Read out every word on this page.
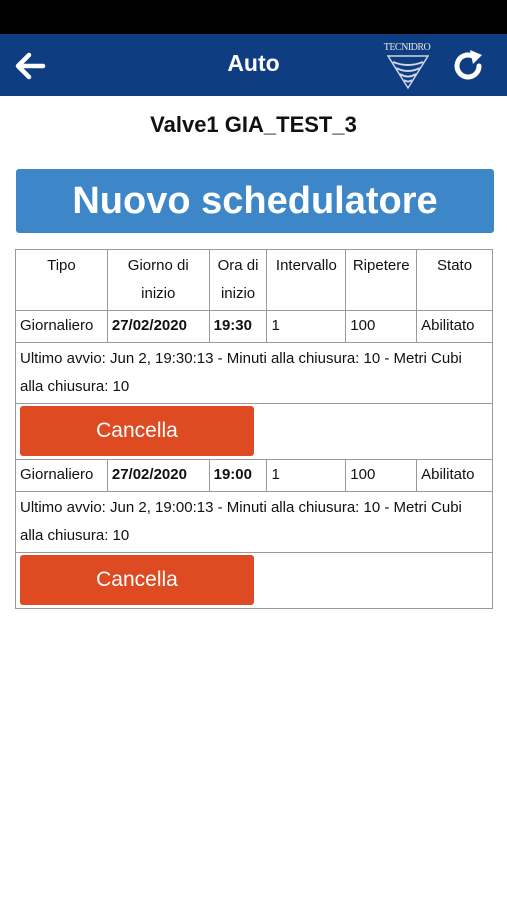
Auto
TECNIDRO
Valve1 GIA_TEST_3
Nuovo schedulatore
Tipo	Giorno di inizio	Ora di inizio	Intervallo	Ripetere	Stato
Giornaliero	27/02/2020	19:30	1	100	Abilitato
Ultimo avvio: Jun 2, 19:30:13 - Minuti alla chiusura: 10 - Metri Cubi alla chiusura: 10					

Cancella					

Giornaliero	27/02/2020	19:00	1	100	Abilitato
Ultimo avvio: Jun 2, 19:00:13 - Minuti alla chiusura: 10 - Metri Cubi alla chiusura: 10					

Cancella					
